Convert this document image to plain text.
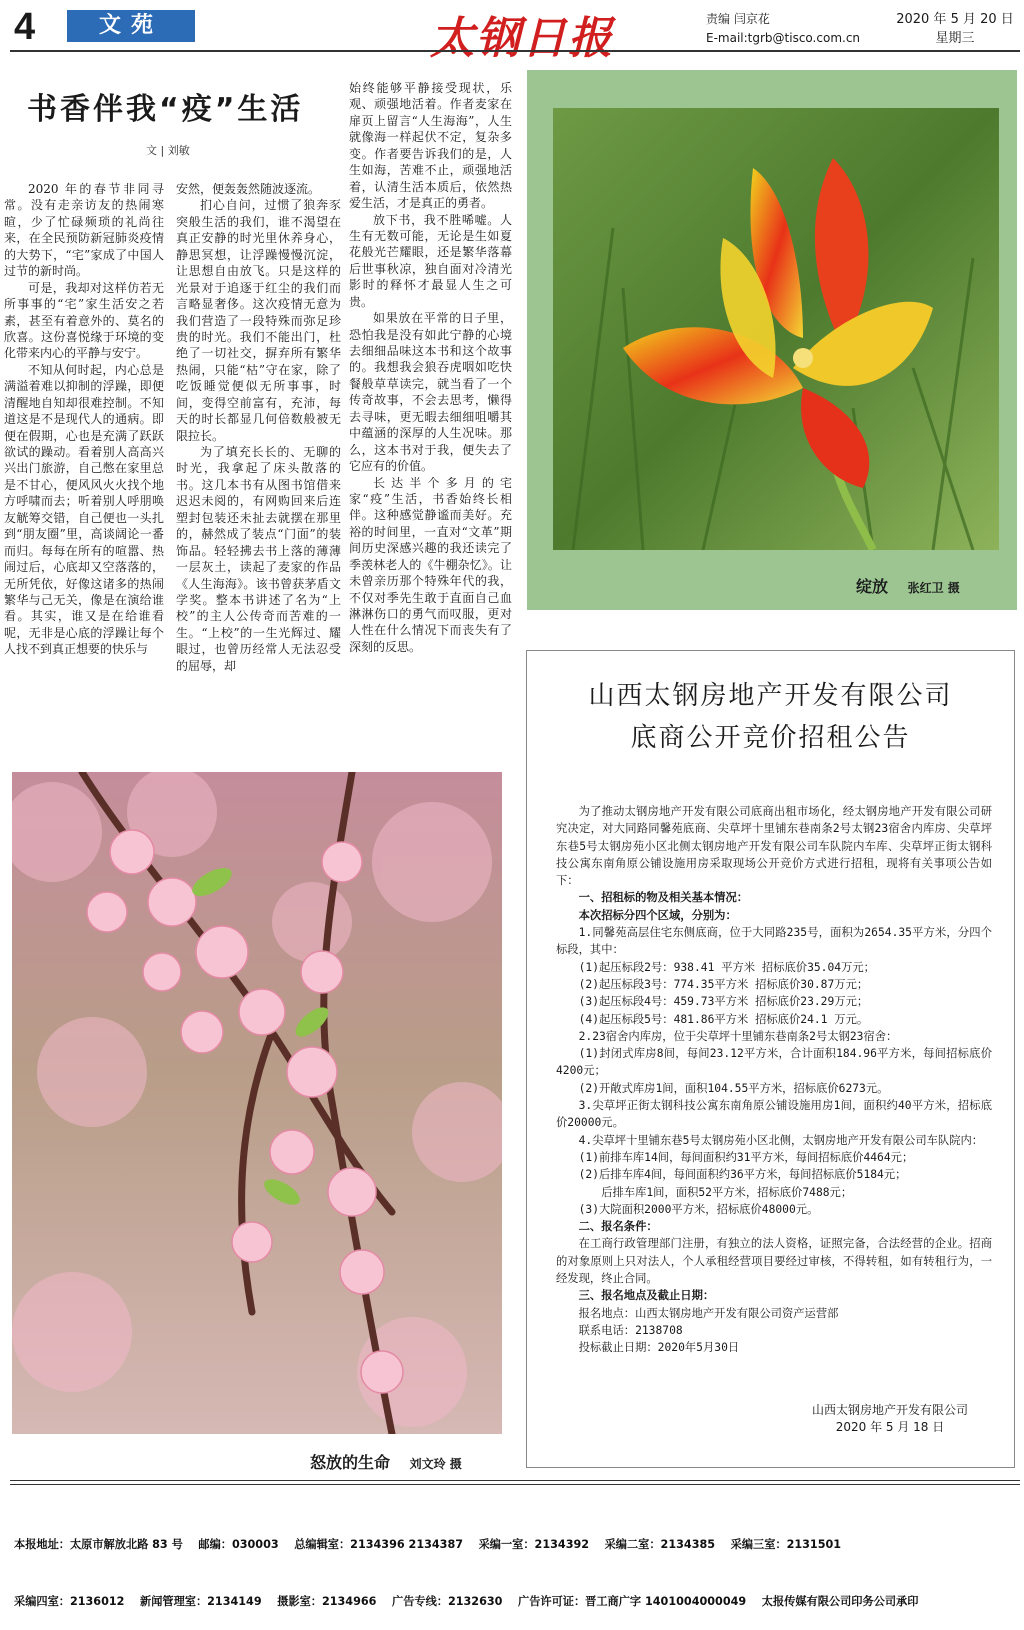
4	文苑	太钢日报	责编 闫京花
E-mail:tgrb@tisco.com.cn
2020 年 5 月 20 日
星期三
书香伴我“疫”生活
文 | 刘敏

2020 年的春节非同寻常。没有走亲访友的热闹寒暄，少了忙碌频琐的礼尚往来，在全民预防新冠肺炎疫情的大势下，“宅”家成了中国人过节的新时尚。

可是，我却对这样仿若无所事事的“宅”家生活安之若素，甚至有着意外的、莫名的欣喜。这份喜悦缘于环境的变化带来内心的平静与安宁。

不知从何时起，内心总是满溢着难以抑制的浮躁，即便清醒地自知却很难控制。不知道这是不是现代人的通病。即便在假期，心也是充满了跃跃欲试的躁动。看着别人高高兴兴出门旅游，自己憋在家里总是不甘心，便风风火火找个地方呼啸而去；听着别人呼朋唤友觥筹交错，自己便也一头扎到“朋友圈”里，高谈阔论一番而归。每每在所有的喧嚣、热闹过后，心底却又空落落的，无所凭依，好像这诸多的热闹繁华与己无关，像是在演给谁看。其实，谁又是在给谁看呢，无非是心底的浮躁让每个人找不到真正想要的快乐与

安然，便轰轰然随波逐流。

扪心自问，过惯了狼奔豕突般生活的我们，谁不渴望在真正安静的时光里休养身心，静思冥想，让浮躁慢慢沉淀，让思想自由放飞。只是这样的光景对于追逐于红尘的我们而言略显奢侈。这次疫情无意为我们营造了一段特殊而弥足珍贵的时光。我们不能出门，杜绝了一切社交，摒弃所有繁华热闹，只能“枯”守在家，除了吃饭睡觉便似无所事事，时间，变得空前富有，充沛，每天的时长都显几何倍数般被无限拉长。

为了填充长长的、无聊的时光，我拿起了床头散落的书。这几本书有从图书馆借来迟迟未阅的，有网购回来后连塑封包装还未扯去就摆在那里的，赫然成了装点“门面”的装饰品。轻轻拂去书上落的薄薄一层灰土，读起了麦家的作品《人生海海》。该书曾获茅盾文学奖。整本书讲述了名为“上校”的主人公传奇而苦难的一生。“上校”的一生光辉过、耀眼过，也曾历经常人无法忍受的屈辱，却

始终能够平静接受现状，乐观、顽强地活着。作者麦家在扉页上留言“人生海海”，人生就像海一样起伏不定，复杂多变。作者要告诉我们的是，人生如海，苦难不止，顽强地活着，认清生活本质后，依然热爱生活，才是真正的勇者。

放下书，我不胜唏嘘。人生有无数可能，无论是生如夏花般光芒耀眼，还是繁华落幕后世事秋凉，独自面对冷清光影时的释怀才最显人生之可贵。

如果放在平常的日子里，恐怕我是没有如此宁静的心境去细细品味这本书和这个故事的。我想我会狼吞虎咽如吃快餐般草草读完，就当看了一个传奇故事，不会去思考，懒得去寻味，更无暇去细细咀嚼其中蕴涵的深厚的人生况味。那么，这本书对于我，便失去了它应有的价值。

长达半个多月的宅家“疫”生活，书香始终长相伴。这种感觉静谧而美好。充裕的时间里，一直对“文革”期间历史深感兴趣的我还读完了季羡林老人的《牛棚杂忆》。让未曾亲历那个特殊年代的我，不仅对季先生敢于直面自己血淋淋伤口的勇气而叹服，更对人性在什么情况下而丧失有了深刻的反思。

绽放 张红卫 摄
怒放的生命 刘文玲 摄
山西太钢房地产开发有限公司
底商公开竞价招租公告
为了推动太钢房地产开发有限公司底商出租市场化，经太钢房地产开发有限公司研究决定，对大同路同馨苑底商、尖草坪十里铺东巷南条2号太钢23宿舍内库房、尖草坪东巷5号太钢房苑小区北侧太钢房地产开发有限公司车队院内车库、尖草坪正街太钢科技公寓东南角原公铺设施用房采取现场公开竞价方式进行招租，现将有关事项公告如下：
一、招租标的物及相关基本情况：
本次招标分四个区域，分别为：
1.同馨苑高层住宅东侧底商，位于大同路235号，面积为2654.35平方米，分四个标段，其中：
(1)起压标段2号：938.41 平方米 招标底价35.04万元；
(2)起压标段3号：774.35平方米 招标底价30.87万元；
(3)起压标段4号：459.73平方米 招标底价23.29万元；
(4)起压标段5号：481.86平方米 招标底价24.1 万元。
2.23宿舍内库房，位于尖草坪十里铺东巷南条2号太钢23宿舍：
(1)封闭式库房8间，每间23.12平方米，合计面积184.96平方米，每间招标底价4200元；
(2)开敞式库房1间，面积104.55平方米，招标底价6273元。
3.尖草坪正街太钢科技公寓东南角原公铺设施用房1间，面积约40平方米，招标底价20000元。
4.尖草坪十里铺东巷5号太钢房苑小区北侧，太钢房地产开发有限公司车队院内：
(1)前排车库14间，每间面积约31平方米，每间招标底价4464元；
(2)后排车库4间，每间面积约36平方米，每间招标底价5184元；
后排车库1间，面积52平方米，招标底价7488元；
(3)大院面积2000平方米，招标底价48000元。
二、报名条件：
在工商行政管理部门注册，有独立的法人资格，证照完备，合法经营的企业。招商的对象原则上只对法人，个人承租经营项目要经过审核，不得转租，如有转租行为，一经发现，终止合同。
三、报名地点及截止日期：
报名地点：山西太钢房地产开发有限公司资产运营部
联系电话：2138708
投标截止日期：2020年5月30日
山西太钢房地产开发有限公司
2020 年 5 月 18 日

本报地址：太原市解放北路 83 号    邮编：030003    总编辑室：2134396 2134387    采编一室：2134392    采编二室：2134385    采编三室：2131501

采编四室：2136012    新闻管理室：2134149    摄影室：2134966    广告专线：2132630    广告许可证：晋工商广字 1401004000049    太报传媒有限公司印务公司承印
